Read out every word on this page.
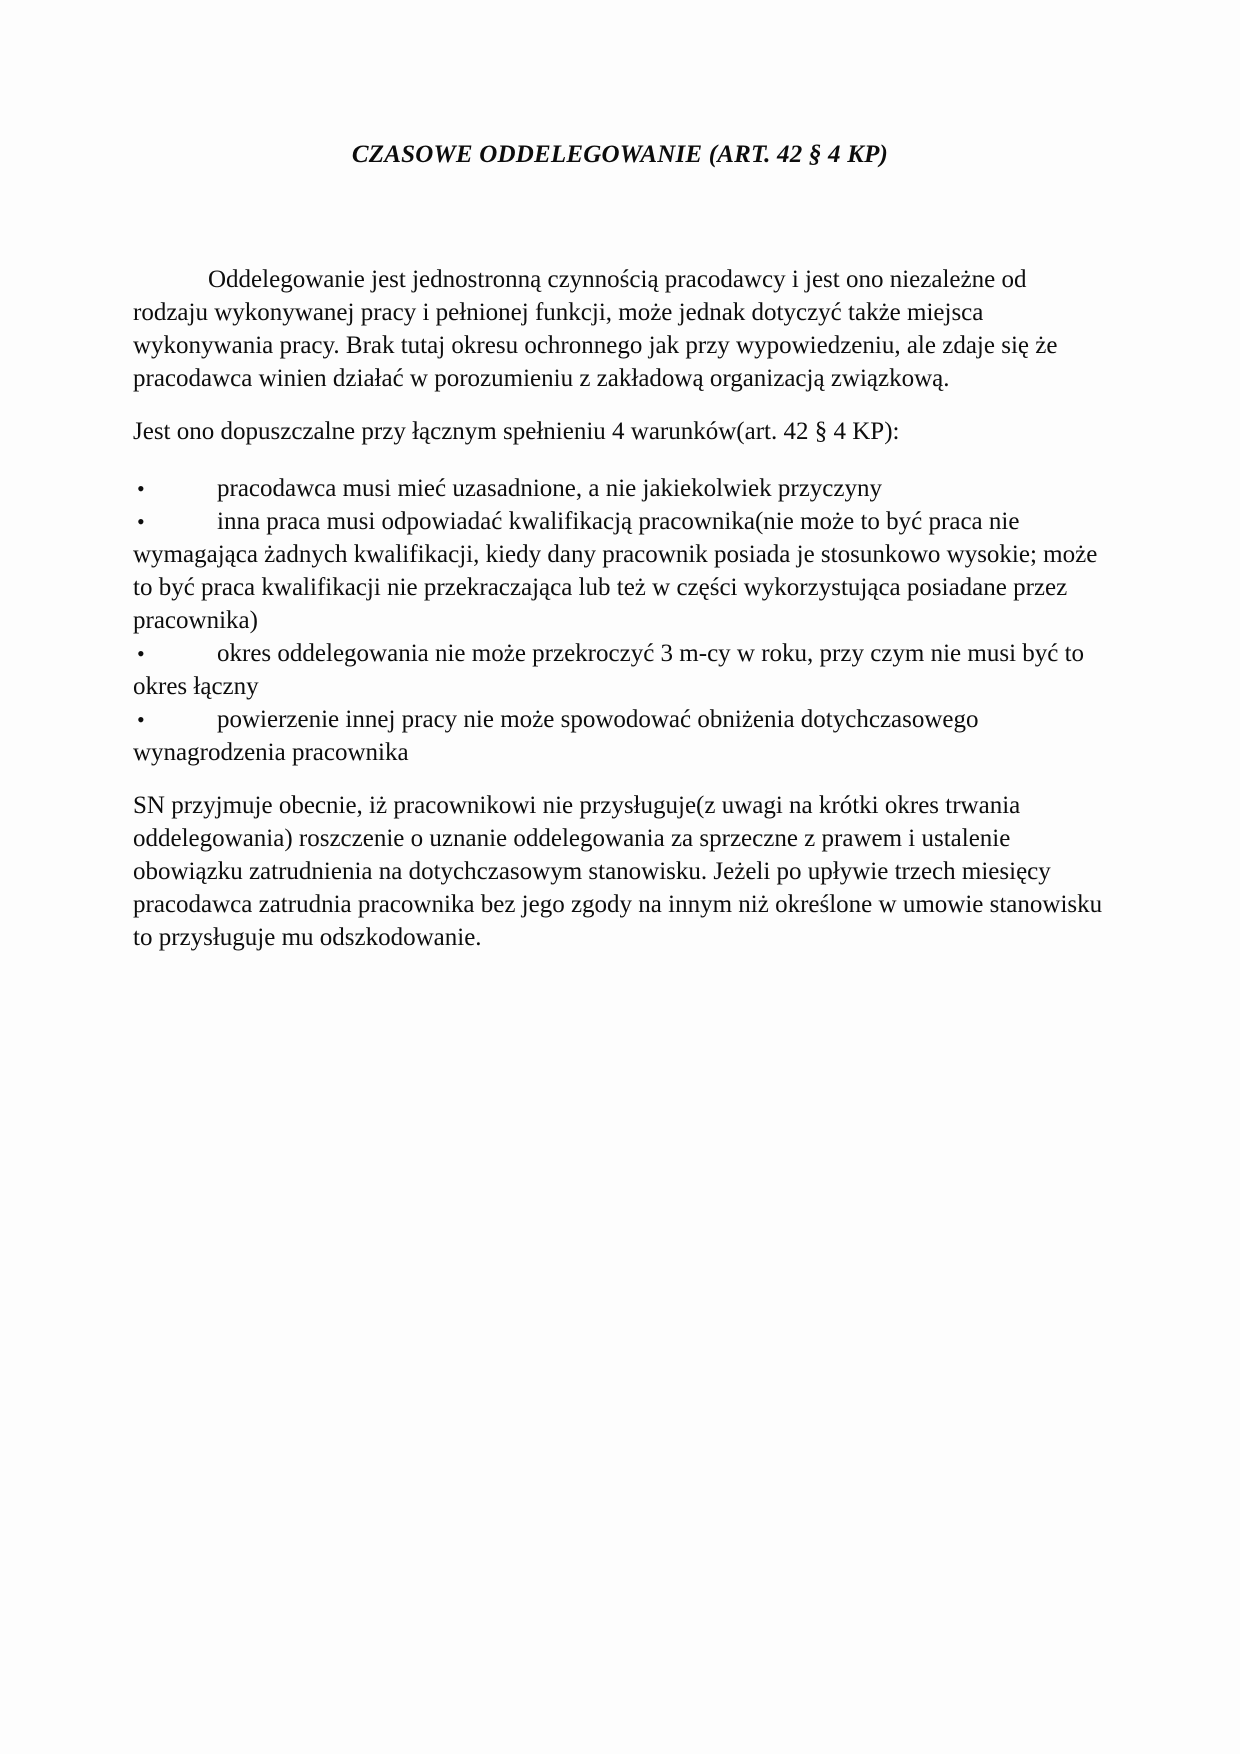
CZASOWE ODDELEGOWANIE (ART. 42 § 4 KP)

Oddelegowanie jest jednostronną czynnością pracodawcy i jest ono niezależne od rodzaju wykonywanej pracy i pełnionej funkcji, może jednak dotyczyć także miejsca wykonywania pracy. Brak tutaj okresu ochronnego jak przy wypowiedzeniu, ale zdaje się że pracodawca winien działać w porozumieniu z zakładową organizacją związkową.

Jest ono dopuszczalne przy łącznym spełnieniu 4 warunków(art. 42 § 4 KP):

•	pracodawca musi mieć uzasadnione, a nie jakiekolwiek przyczyny
•	inna praca musi odpowiadać kwalifikacją pracownika(nie może to być praca nie wymagająca żadnych kwalifikacji, kiedy dany pracownik posiada je stosunkowo wysokie; może to być praca kwalifikacji nie przekraczająca lub też w części wykorzystująca posiadane przez pracownika)
•	okres oddelegowania nie może przekroczyć 3 m-cy w roku, przy czym nie musi być to okres łączny
•	powierzenie innej pracy nie może spowodować obniżenia dotychczasowego wynagrodzenia pracownika

SN przyjmuje obecnie, iż pracownikowi nie przysługuje(z uwagi na krótki okres trwania oddelegowania) roszczenie o uznanie oddelegowania za sprzeczne z prawem i ustalenie obowiązku zatrudnienia na dotychczasowym stanowisku. Jeżeli po upływie trzech miesięcy pracodawca zatrudnia pracownika bez jego zgody na innym niż określone w umowie stanowisku to przysługuje mu odszkodowanie.
